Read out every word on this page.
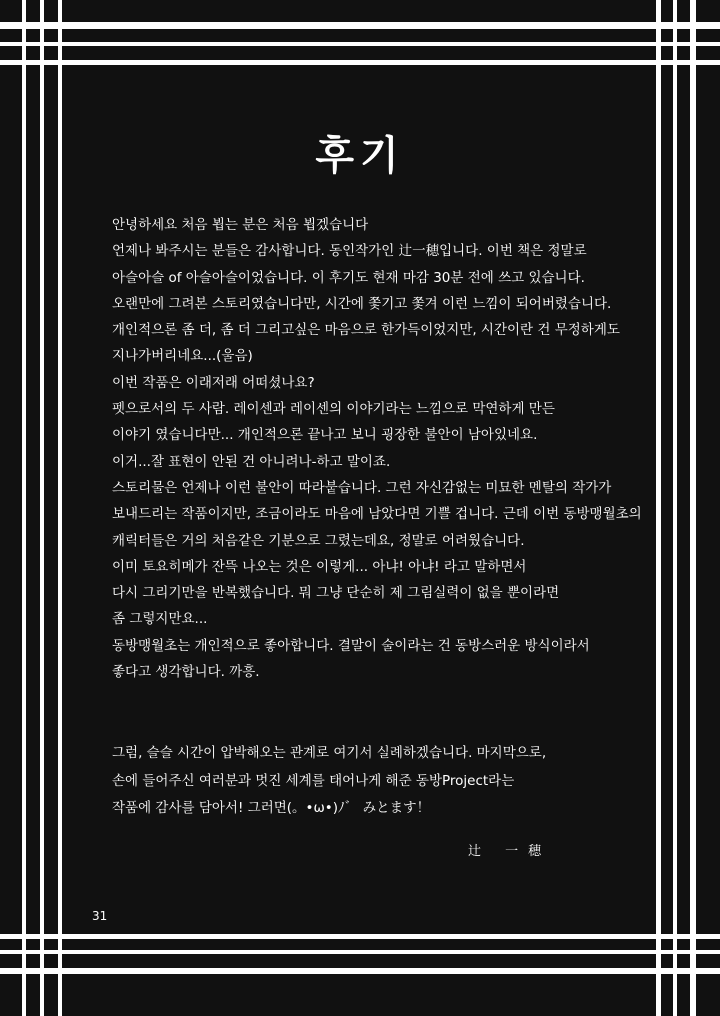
후기
안녕하세요 처음 뵙는 분은 처음 뵙겠습니다
언제나 봐주시는 분들은 감사합니다. 동인작가인 辻一穂입니다. 이번 책은 정말로
아슬아슬 of 아슬아슬이었습니다. 이 후기도 현재 마감 30분 전에 쓰고 있습니다.
오랜만에 그려본 스토리였습니다만, 시간에 쫓기고 쫓겨 이런 느낌이 되어버렸습니다.
개인적으론 좀 더, 좀 더 그리고싶은 마음으로 한가득이었지만, 시간이란 건 무정하게도
지나가버리네요...(울음)
이번 작품은 이래저래 어떠셨나요?
펫으로서의 두 사람. 레이센과 레이센의 이야기라는 느낌으로 막연하게 만든
이야기 였습니다만... 개인적으론 끝나고 보니 굉장한 불안이 남아있네요.
이거...잘 표현이 안된 건 아니려나-하고 말이죠.
스토리물은 언제나 이런 불안이 따라붙습니다. 그런 자신감없는 미묘한 멘탈의 작가가
보내드리는 작품이지만, 조금이라도 마음에 남았다면 기쁠 겁니다. 근데 이번 동방맹월초의
캐릭터들은 거의 처음같은 기분으로 그렸는데요, 정말로 어려웠습니다.
이미 토요히메가 잔뜩 나오는 것은 이렇게... 아냐! 아냐! 라고 말하면서
다시 그리기만을 반복했습니다. 뭐 그냥 단순히 제 그림실력이 없을 뿐이라면
좀 그렇지만요...
동방맹월초는 개인적으로 좋아합니다. 결말이 술이라는 건 동방스러운 방식이라서
좋다고 생각합니다. 까흥.
그럼, 슬슬 시간이 압박해오는 관계로 여기서 실례하겠습니다. 마지막으로,
손에 들어주신 여러분과 멋진 세계를 태어나게 해준 동방Project라는
작품에 감사를 담아서! 그러면(。•ω•)ﾉ゛ みとます！
辻 一穂
31
